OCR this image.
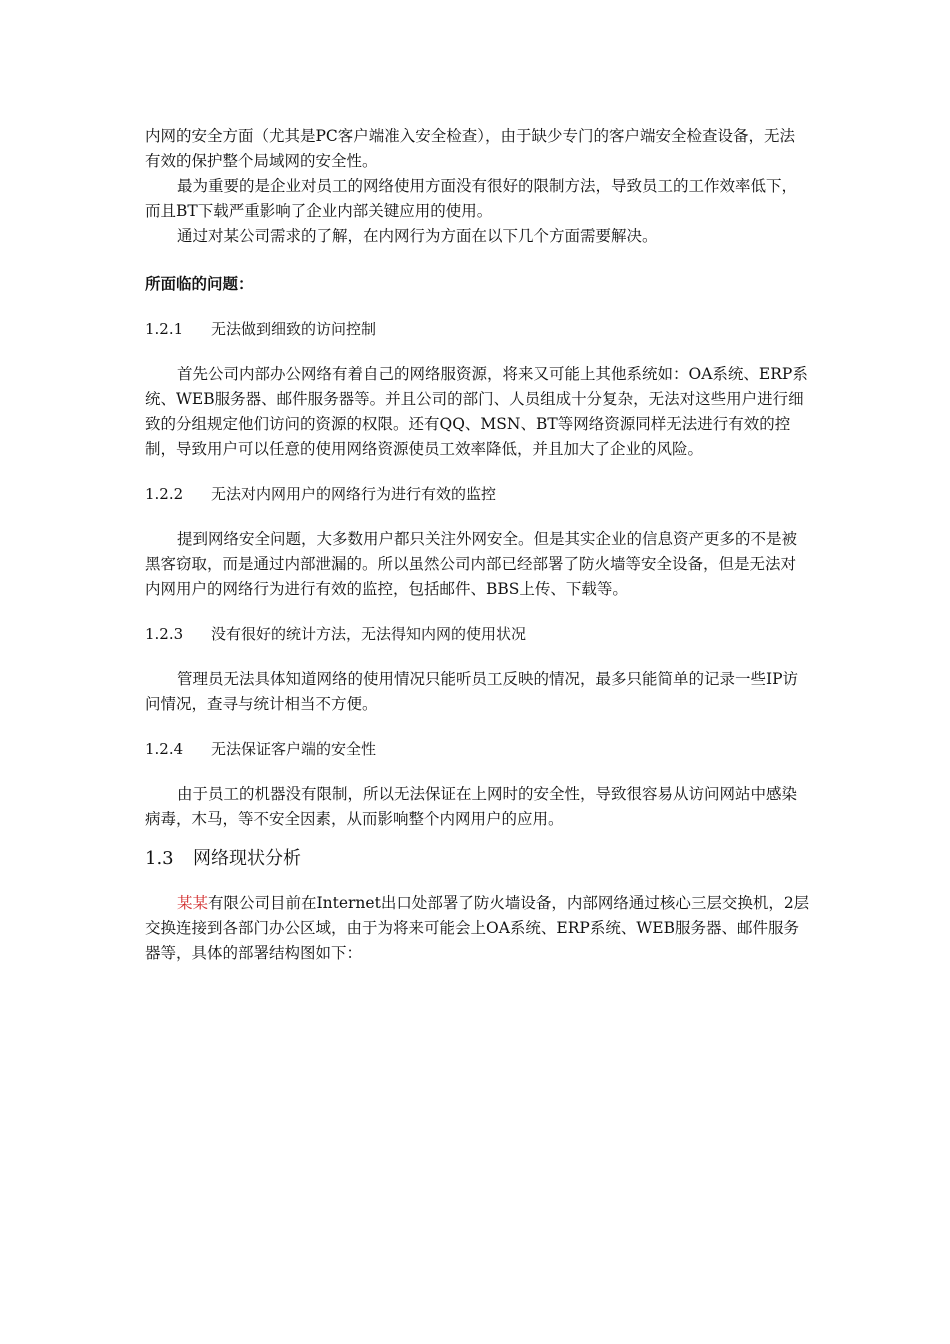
内网的安全方面（尤其是PC客户端准入安全检查），由于缺少专门的客户端安全检查设备，无法有效的保护整个局域网的安全性。

最为重要的是企业对员工的网络使用方面没有很好的限制方法，导致员工的工作效率低下，而且BT下载严重影响了企业内部关键应用的使用。

通过对某公司需求的了解，在内网行为方面在以下几个方面需要解决。

所面临的问题：

1.2.1 无法做到细致的访问控制

首先公司内部办公网络有着自己的网络服资源，将来又可能上其他系统如：OA系统、ERP系统、WEB服务器、邮件服务器等。并且公司的部门、人员组成十分复杂，无法对这些用户进行细致的分组规定他们访问的资源的权限。还有QQ、MSN、BT等网络资源同样无法进行有效的控制，导致用户可以任意的使用网络资源使员工效率降低，并且加大了企业的风险。

1.2.2 无法对内网用户的网络行为进行有效的监控

提到网络安全问题，大多数用户都只关注外网安全。但是其实企业的信息资产更多的不是被黑客窃取，而是通过内部泄漏的。所以虽然公司内部已经部署了防火墙等安全设备，但是无法对内网用户的网络行为进行有效的监控，包括邮件、BBS上传、下载等。

1.2.3 没有很好的统计方法，无法得知内网的使用状况

管理员无法具体知道网络的使用情况只能听员工反映的情况，最多只能简单的记录一些IP访问情况，查寻与统计相当不方便。

1.2.4 无法保证客户端的安全性

由于员工的机器没有限制，所以无法保证在上网时的安全性，导致很容易从访问网站中感染病毒，木马，等不安全因素，从而影响整个内网用户的应用。

1.3 网络现状分析

某某有限公司目前在Internet出口处部署了防火墙设备，内部网络通过核心三层交换机，2层交换连接到各部门办公区域，由于为将来可能会上OA系统、ERP系统、WEB服务器、邮件服务器等，具体的部署结构图如下：
